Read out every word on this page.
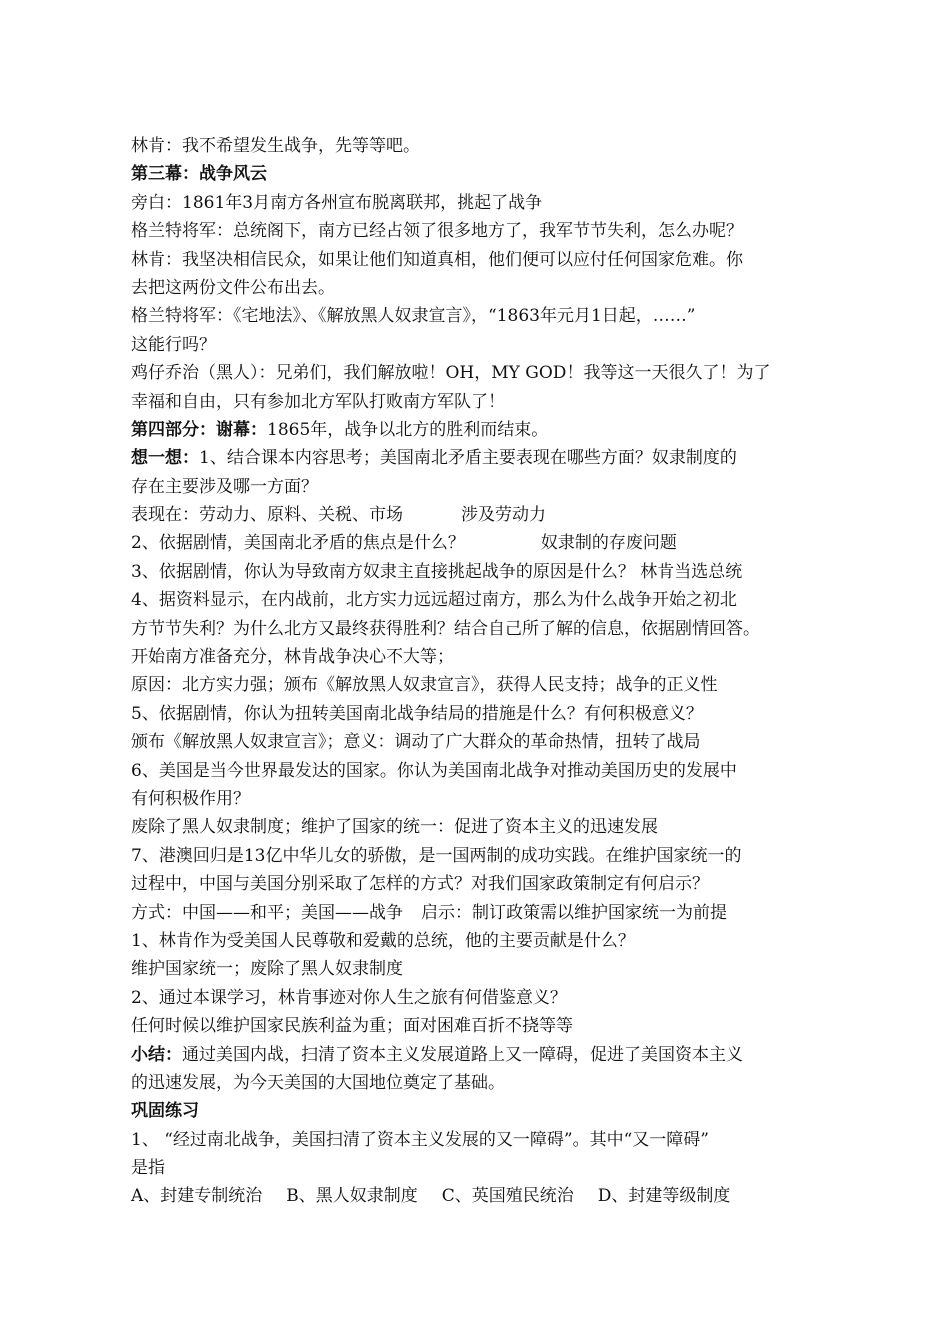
林肯：我不希望发生战争，先等等吧。
第三幕：战争风云
旁白：1861年3月南方各州宣布脱离联邦，挑起了战争
格兰特将军：总统阁下，南方已经占领了很多地方了，我军节节失利，怎么办呢？
林肯：我坚决相信民众，如果让他们知道真相，他们便可以应付任何国家危难。你
去把这两份文件公布出去。
格兰特将军：《宅地法》、《解放黑人奴隶宣言》，“1863年元月1日起，……”
这能行吗？
鸡仔乔治（黑人）：兄弟们，我们解放啦！OH，MY GOD！我等这一天很久了！为了
幸福和自由，只有参加北方军队打败南方军队了！
第四部分：谢幕：1865年，战争以北方的胜利而结束。
想一想：1、结合课本内容思考；美国南北矛盾主要表现在哪些方面？奴隶制度的
存在主要涉及哪一方面？
表现在：劳动力、原料、关税、市场	涉及劳动力
2、依据剧情，美国南北矛盾的焦点是什么？	奴隶制的存废问题
3、依据剧情，你认为导致南方奴隶主直接挑起战争的原因是什么？ 林肯当选总统
4、据资料显示，在内战前，北方实力远远超过南方，那么为什么战争开始之初北
方节节失利？为什么北方又最终获得胜利？结合自己所了解的信息，依据剧情回答。
开始南方准备充分，林肯战争决心不大等；
原因：北方实力强；颁布《解放黑人奴隶宣言》，获得人民支持；战争的正义性
5、依据剧情，你认为扭转美国南北战争结局的措施是什么？有何积极意义？
颁布《解放黑人奴隶宣言》；意义：调动了广大群众的革命热情，扭转了战局
6、美国是当今世界最发达的国家。你认为美国南北战争对推动美国历史的发展中
有何积极作用？
废除了黑人奴隶制度；维护了国家的统一：促进了资本主义的迅速发展
7、港澳回归是13亿中华儿女的骄傲，是一国两制的成功实践。在维护国家统一的
过程中，中国与美国分别采取了怎样的方式？对我们国家政策制定有何启示？
方式：中国——和平；美国——战争 启示：制订政策需以维护国家统一为前提
1、林肯作为受美国人民尊敬和爱戴的总统，他的主要贡献是什么？
维护国家统一；废除了黑人奴隶制度
2、通过本课学习，林肯事迹对你人生之旅有何借鉴意义？
任何时候以维护国家民族利益为重；面对困难百折不挠等等
小结：通过美国内战，扫清了资本主义发展道路上又一障碍，促进了美国资本主义
的迅速发展，为今天美国的大国地位奠定了基础。
巩固练习
1、 “经过南北战争，美国扫清了资本主义发展的又一障碍”。其中“又一障碍”
是指
A、封建专制统治 B、黑人奴隶制度 C、英国殖民统治 D、封建等级制度
